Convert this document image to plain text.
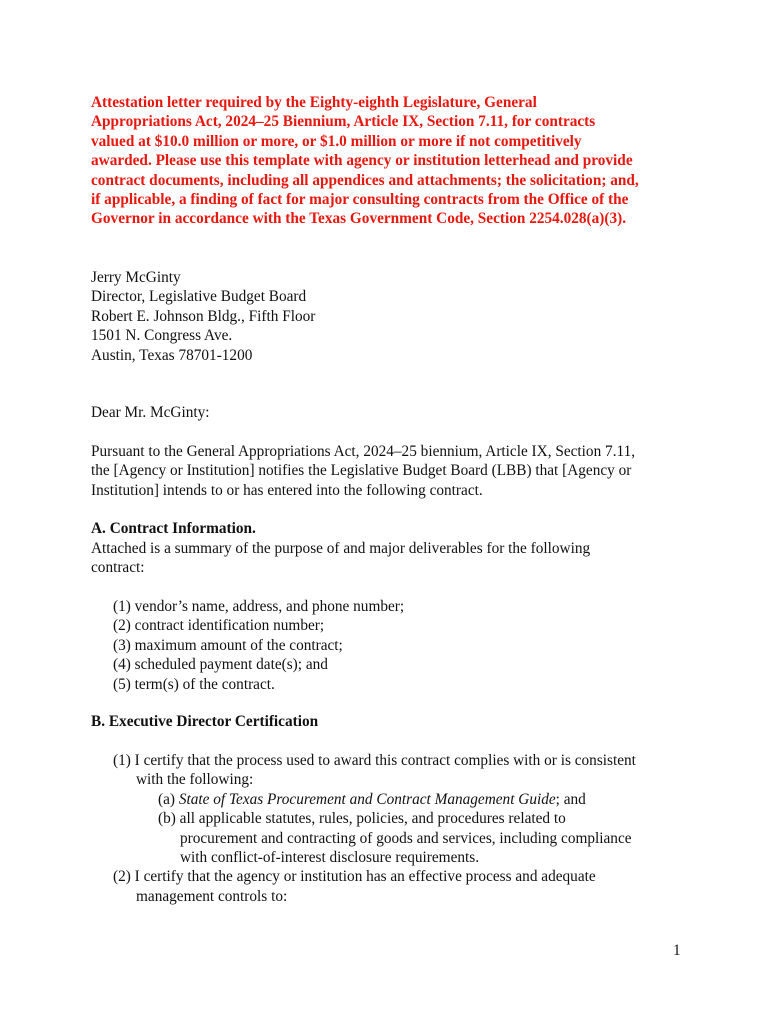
Attestation letter required by the Eighty-eighth Legislature, General
Appropriations Act, 2024–25 Biennium, Article IX, Section 7.11, for contracts
valued at $10.0 million or more, or $1.0 million or more if not competitively
awarded. Please use this template with agency or institution letterhead and provide
contract documents, including all appendices and attachments; the solicitation; and,
if applicable, a finding of fact for major consulting contracts from the Office of the
Governor in accordance with the Texas Government Code, Section 2254.028(a)(3).
Jerry McGinty
Director, Legislative Budget Board
Robert E. Johnson Bldg., Fifth Floor
1501 N. Congress Ave.
Austin, Texas 78701-1200
Dear Mr. McGinty:
Pursuant to the General Appropriations Act, 2024–25 biennium, Article IX, Section 7.11,
the [Agency or Institution] notifies the Legislative Budget Board (LBB) that [Agency or
Institution] intends to or has entered into the following contract.
A. Contract Information.
Attached is a summary of the purpose of and major deliverables for the following
contract:
(1) vendor’s name, address, and phone number;
(2) contract identification number;
(3) maximum amount of the contract;
(4) scheduled payment date(s); and
(5) term(s) of the contract.
B. Executive Director Certification
(1) I certify that the process used to award this contract complies with or is consistent
with the following:
(a) State of Texas Procurement and Contract Management Guide; and
(b) all applicable statutes, rules, policies, and procedures related to
procurement and contracting of goods and services, including compliance
with conflict-of-interest disclosure requirements.
(2) I certify that the agency or institution has an effective process and adequate
management controls to:
1
